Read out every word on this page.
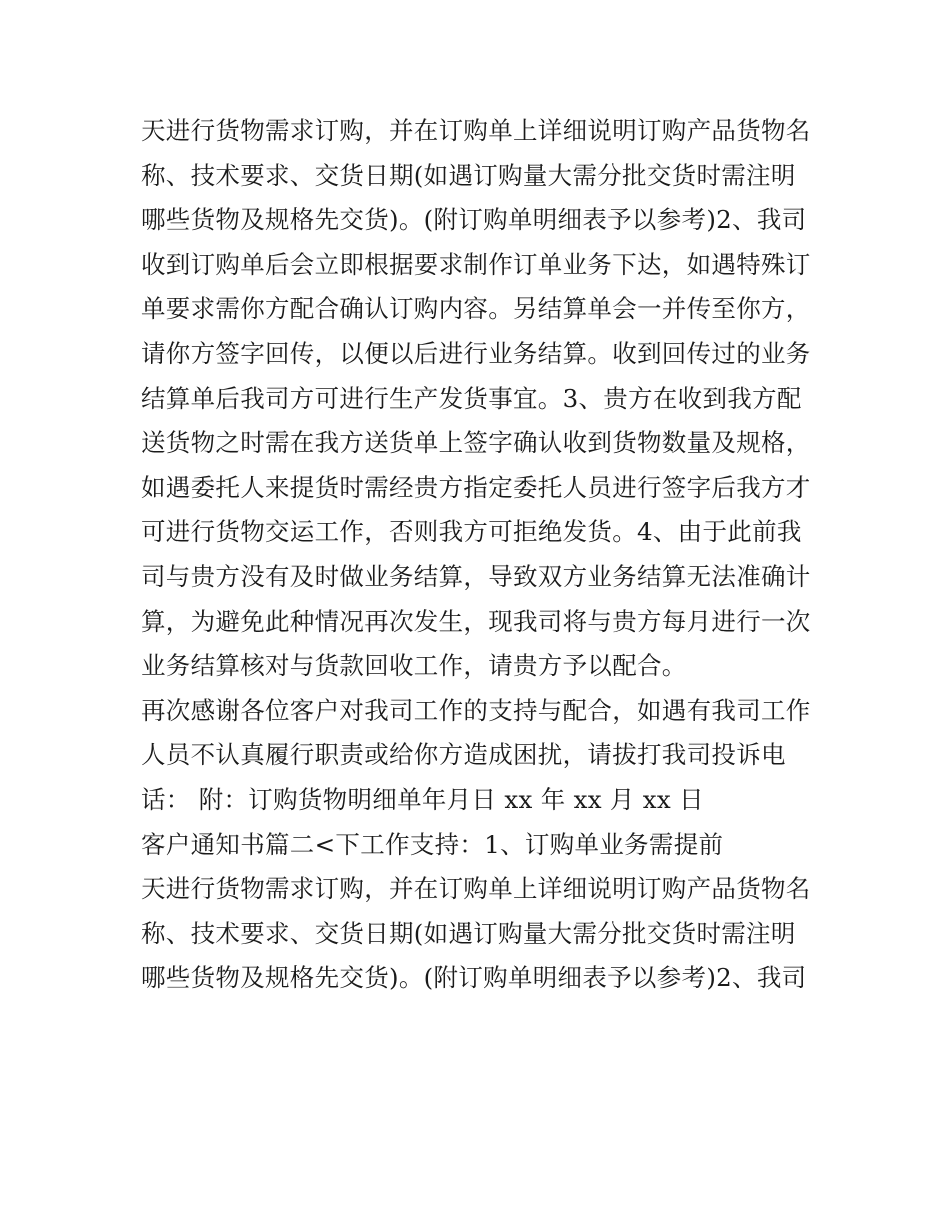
天进行货物需求订购，并在订购单上详细说明订购产品货物名
称、技术要求、交货日期(如遇订购量大需分批交货时需注明
哪些货物及规格先交货)。(附订购单明细表予以参考)2、我司
收到订购单后会立即根据要求制作订单业务下达，如遇特殊订
单要求需你方配合确认订购内容。另结算单会一并传至你方，
请你方签字回传，以便以后进行业务结算。收到回传过的业务
结算单后我司方可进行生产发货事宜。3、贵方在收到我方配
送货物之时需在我方送货单上签字确认收到货物数量及规格，
如遇委托人来提货时需经贵方指定委托人员进行签字后我方才
可进行货物交运工作，否则我方可拒绝发货。4、由于此前我
司与贵方没有及时做业务结算，导致双方业务结算无法准确计
算，为避免此种情况再次发生，现我司将与贵方每月进行一次
业务结算核对与货款回收工作，请贵方予以配合。
再次感谢各位客户对我司工作的支持与配合，如遇有我司工作
人员不认真履行职责或给你方造成困扰，请拔打我司投诉电
话： 附：订购货物明细单年月日 xx 年 xx 月 xx 日
客户通知书篇二<下工作支持：1、订购单业务需提前
天进行货物需求订购，并在订购单上详细说明订购产品货物名
称、技术要求、交货日期(如遇订购量大需分批交货时需注明
哪些货物及规格先交货)。(附订购单明细表予以参考)2、我司
